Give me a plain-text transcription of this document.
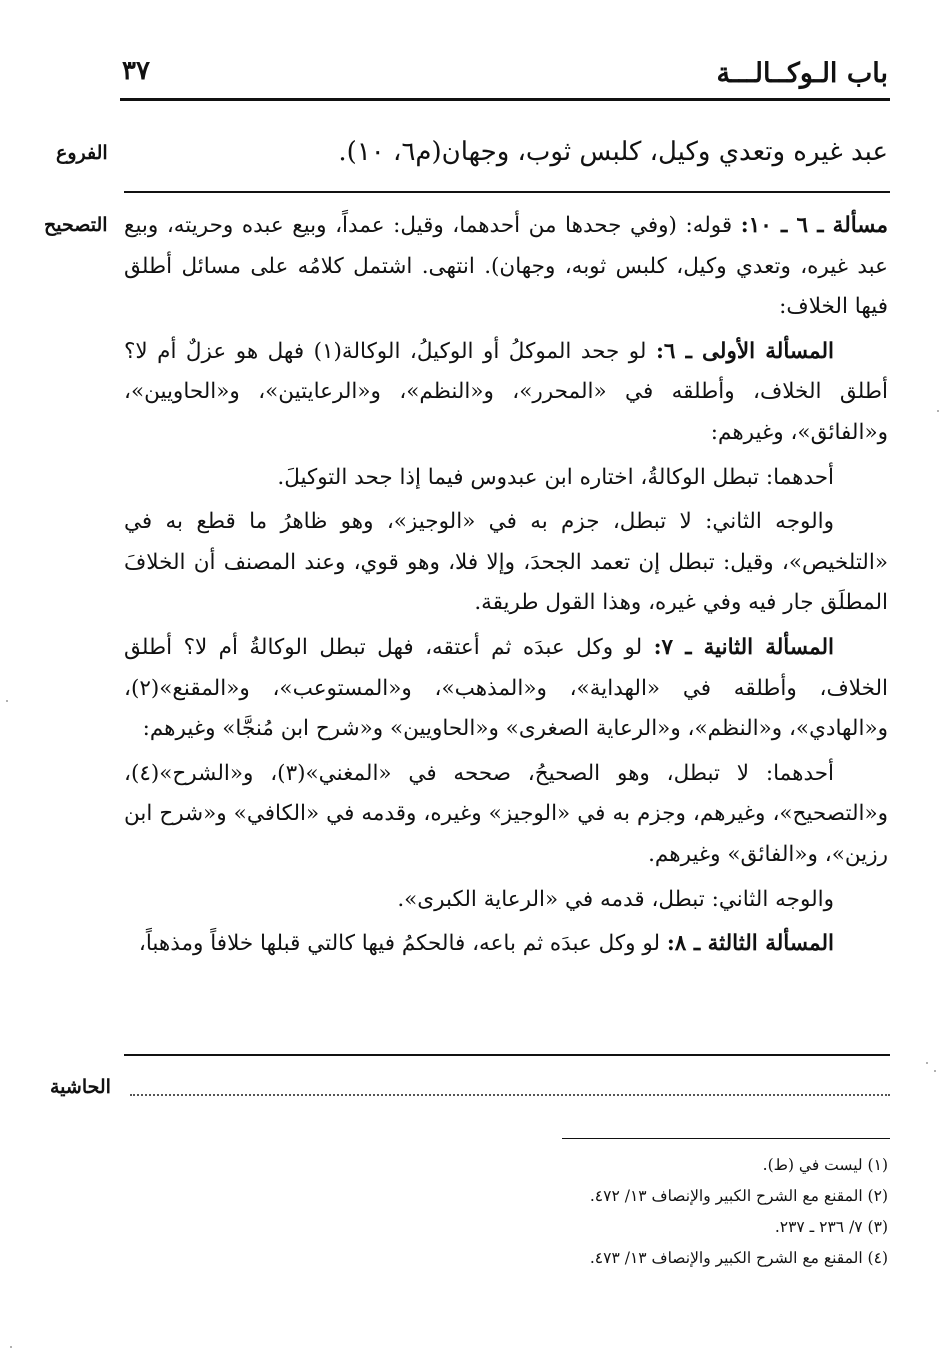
باب الـوكــالـــة
٣٧
الفروع	عبد غيره وتعدي وكيل، كلبس ثوب، وجهان(م٦، ١٠).
التصحيح	مسألة ـ ٦ ـ ١٠: قوله: (وفي جحدها من أحدهما، وقيل: عمداً، وبيع عبده وحريته، وبيع عبد غيره، وتعدي وكيل، كلبس ثوبه، وجهان). انتهى. اشتمل كلامُه على مسائل أطلق فيها الخلاف:

المسألة الأولى ـ ٦: لو جحد الموكلُ أو الوكيلُ، الوكالة(١) فهل هو عزلٌ أم لا؟ أطلق الخلاف، وأطلقه في «المحرر»، و«النظم»، و«الرعايتين»، و«الحاويين»، و«الفائق»، وغيرهم:

أحدهما: تبطل الوكالةُ، اختاره ابن عبدوس فيما إذا جحد التوكيلَ.

والوجه الثاني: لا تبطل، جزم به في «الوجيز»، وهو ظاهرُ ما قطع به في «التلخيص»، وقيل: تبطل إن تعمد الجحدَ، وإلا فلا، وهو قوي، وعند المصنف أن الخلافَ المطلَق جار فيه وفي غيره، وهذا القول طريقة.

المسألة الثانية ـ ٧: لو وكل عبدَه ثم أعتقه، فهل تبطل الوكالةُ أم لا؟ أطلق الخلاف، وأطلقه في «الهداية»، و«المذهب»، و«المستوعب»، و«المقنع»(٢)، و«الهادي»، و«النظم»، و«الرعاية الصغرى» و«الحاويين» و«شرح ابن مُنجَّا» وغيرهم:

أحدهما: لا تبطل، وهو الصحيحُ، صححه في «المغني»(٣)، و«الشرح»(٤)، و«التصحيح»، وغيرهم، وجزم به في «الوجيز» وغيره، وقدمه في «الكافي» و«شرح ابن رزين»، و«الفائق» وغيرهم.

والوجه الثاني: تبطل، قدمه في «الرعاية الكبرى».

المسألة الثالثة ـ ٨: لو وكل عبدَه ثم باعه، فالحكمُ فيها كالتي قبلها خلافاً ومذهباً،

الحاشية
(١) ليست في (ط).
(٢) المقنع مع الشرح الكبير والإنصاف ١٣/ ٤٧٢.
(٣) ٧/ ٢٣٦ ـ ٢٣٧.
(٤) المقنع مع الشرح الكبير والإنصاف ١٣/ ٤٧٣.
